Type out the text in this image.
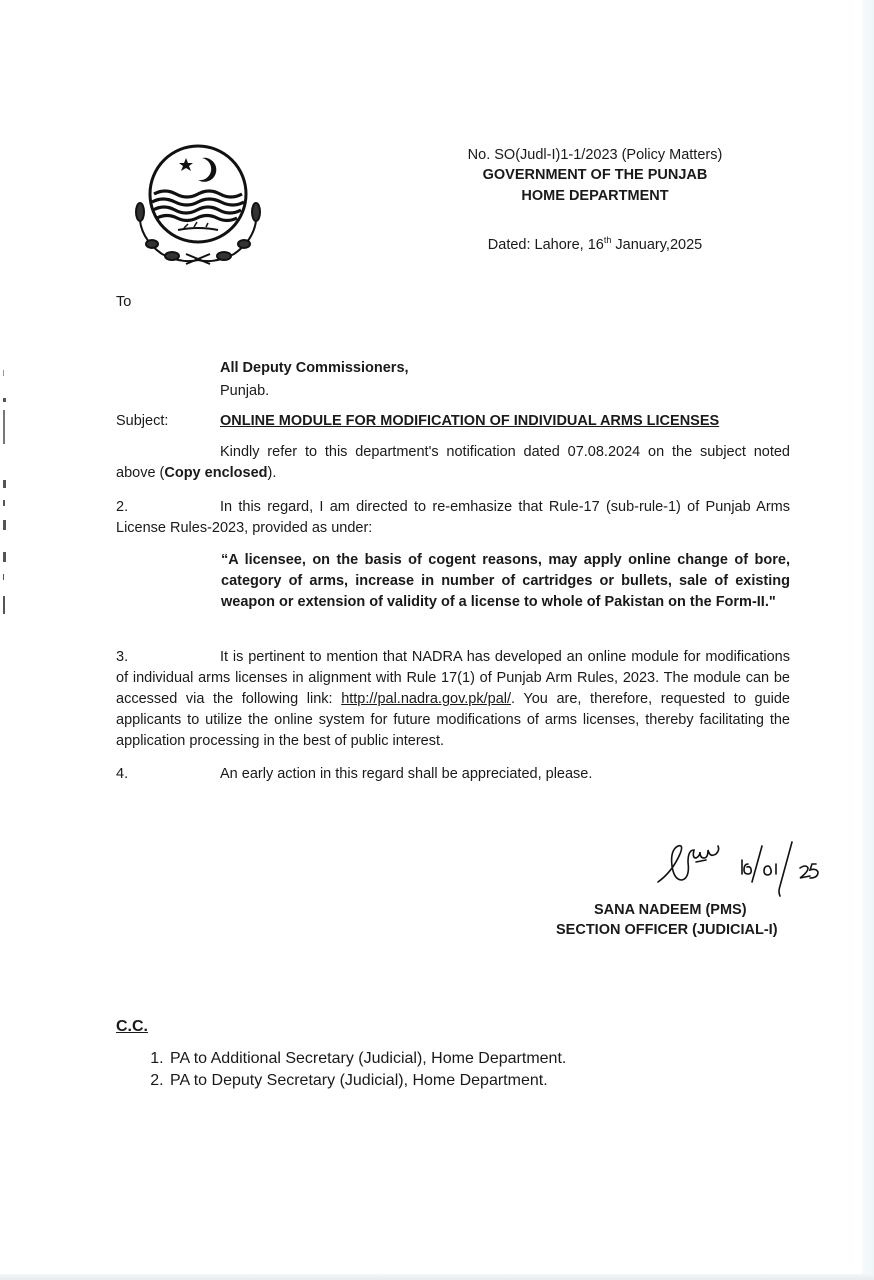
No. SO(Judl-I)1-1/2023 (Policy Matters)
GOVERNMENT OF THE PUNJAB
HOME DEPARTMENT
Dated: Lahore, 16th January,2025
To
All Deputy Commissioners,
Punjab.
Subject:	ONLINE MODULE FOR MODIFICATION OF INDIVIDUAL ARMS LICENSES
Kindly refer to this department's notification dated 07.08.2024 on the subject noted above (Copy enclosed).
2.	In this regard, I am directed to re-emhasize that Rule-17 (sub-rule-1) of Punjab Arms License Rules-2023, provided as under:
“A licensee, on the basis of cogent reasons, may apply online change of bore, category of arms, increase in number of cartridges or bullets, sale of existing weapon or extension of validity of a license to whole of Pakistan on the Form-II."
3.	It is pertinent to mention that NADRA has developed an online module for modifications of individual arms licenses in alignment with Rule 17(1) of Punjab Arm Rules, 2023. The module can be accessed via the following link: http://pal.nadra.gov.pk/pal/. You are, therefore, requested to guide applicants to utilize the online system for future modifications of arms licenses, thereby facilitating the application processing in the best of public interest.
4.	An early action in this regard shall be appreciated, please.
SANA NADEEM (PMS)
SECTION OFFICER (JUDICIAL-I)
C.C.
1. PA to Additional Secretary (Judicial), Home Department.
2. PA to Deputy Secretary (Judicial), Home Department.
